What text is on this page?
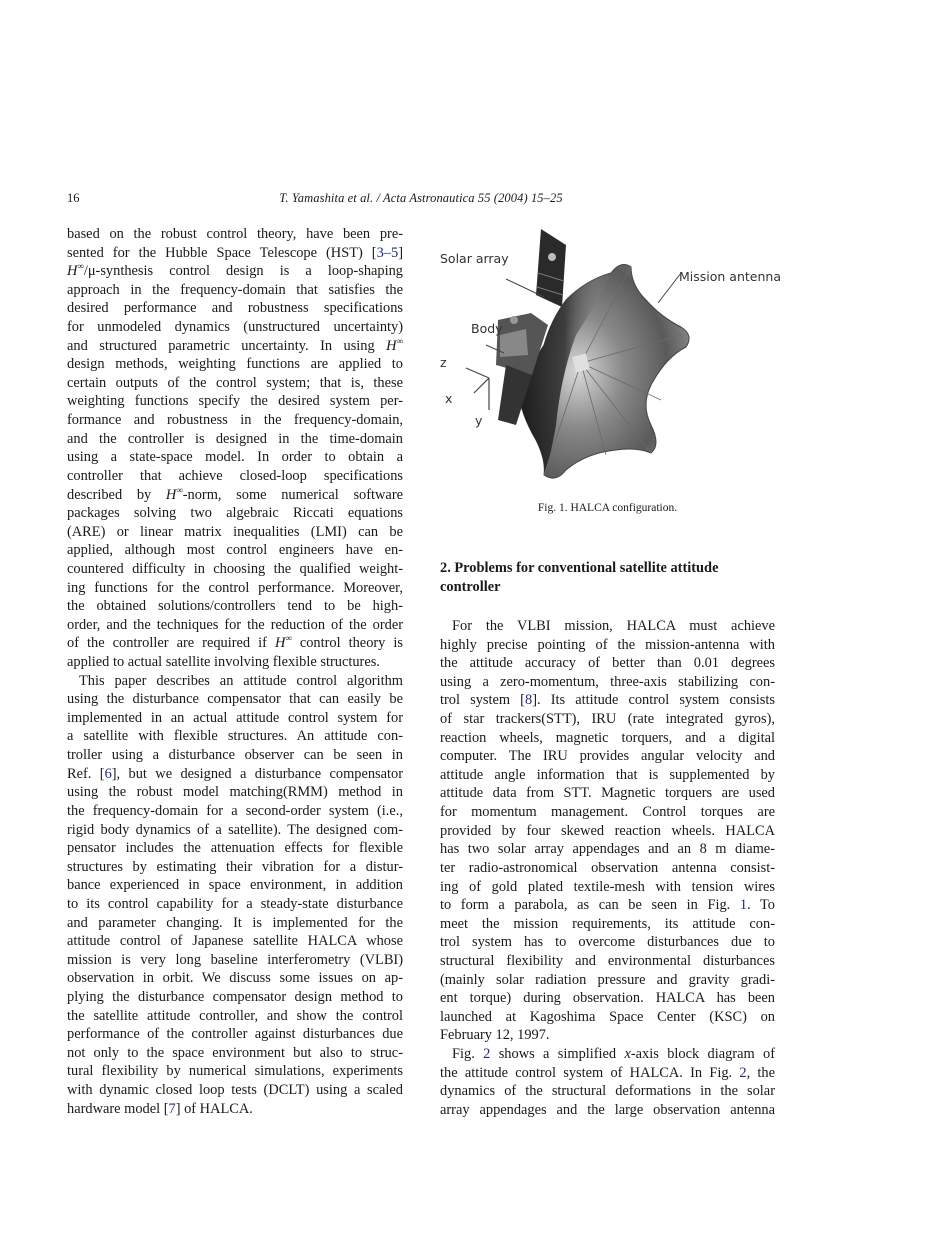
16	T. Yamashita et al. / Acta Astronautica 55 (2004) 15–25
based on the robust control theory, have been pre-
sented for the Hubble Space Telescope (HST) [3–5]
H∞/μ-synthesis control design is a loop-shaping
approach in the frequency-domain that satisfies the
desired performance and robustness specifications
for unmodeled dynamics (unstructured uncertainty)
and structured parametric uncertainty. In using H∞
design methods, weighting functions are applied to
certain outputs of the control system; that is, these
weighting functions specify the desired system per-
formance and robustness in the frequency-domain,
and the controller is designed in the time-domain
using a state-space model. In order to obtain a
controller that achieve closed-loop specifications
described by H∞-norm, some numerical software
packages solving two algebraic Riccati equations
(ARE) or linear matrix inequalities (LMI) can be
applied, although most control engineers have en-
countered difficulty in choosing the qualified weight-
ing functions for the control performance. Moreover,
the obtained solutions/controllers tend to be high-
order, and the techniques for the reduction of the order
of the controller are required if H∞ control theory is
applied to actual satellite involving flexible structures.
This paper describes an attitude control algorithm
using the disturbance compensator that can easily be
implemented in an actual attitude control system for
a satellite with flexible structures. An attitude con-
troller using a disturbance observer can be seen in
Ref. [6], but we designed a disturbance compensator
using the robust model matching(RMM) method in
the frequency-domain for a second-order system (i.e.,
rigid body dynamics of a satellite). The designed com-
pensator includes the attenuation effects for flexible
structures by estimating their vibration for a distur-
bance experienced in space environment, in addition
to its control capability for a steady-state disturbance
and parameter changing. It is implemented for the
attitude control of Japanese satellite HALCA whose
mission is very long baseline interferometry (VLBI)
observation in orbit. We discuss some issues on ap-
plying the disturbance compensator design method to
the satellite attitude controller, and show the control
performance of the controller against disturbances due
not only to the space environment but also to struc-
tural flexibility by numerical simulations, experiments
with dynamic closed loop tests (DCLT) using a scaled
hardware model [7] of HALCA.
Solar array
Mission antenna
Body
z
x
y
Fig. 1. HALCA configuration.
2. Problems for conventional satellite attitude
controller
For the VLBI mission, HALCA must achieve
highly precise pointing of the mission-antenna with
the attitude accuracy of better than 0.01 degrees
using a zero-momentum, three-axis stabilizing con-
trol system [8]. Its attitude control system consists
of star trackers(STT), IRU (rate integrated gyros),
reaction wheels, magnetic torquers, and a digital
computer. The IRU provides angular velocity and
attitude angle information that is supplemented by
attitude data from STT. Magnetic torquers are used
for momentum management. Control torques are
provided by four skewed reaction wheels. HALCA
has two solar array appendages and an 8 m diame-
ter radio-astronomical observation antenna consist-
ing of gold plated textile-mesh with tension wires
to form a parabola, as can be seen in Fig. 1. To
meet the mission requirements, its attitude con-
trol system has to overcome disturbances due to
structural flexibility and environmental disturbances
(mainly solar radiation pressure and gravity gradi-
ent torque) during observation. HALCA has been
launched at Kagoshima Space Center (KSC) on
February 12, 1997.
Fig. 2 shows a simplified x-axis block diagram of
the attitude control system of HALCA. In Fig. 2, the
dynamics of the structural deformations in the solar
array appendages and the large observation antenna
